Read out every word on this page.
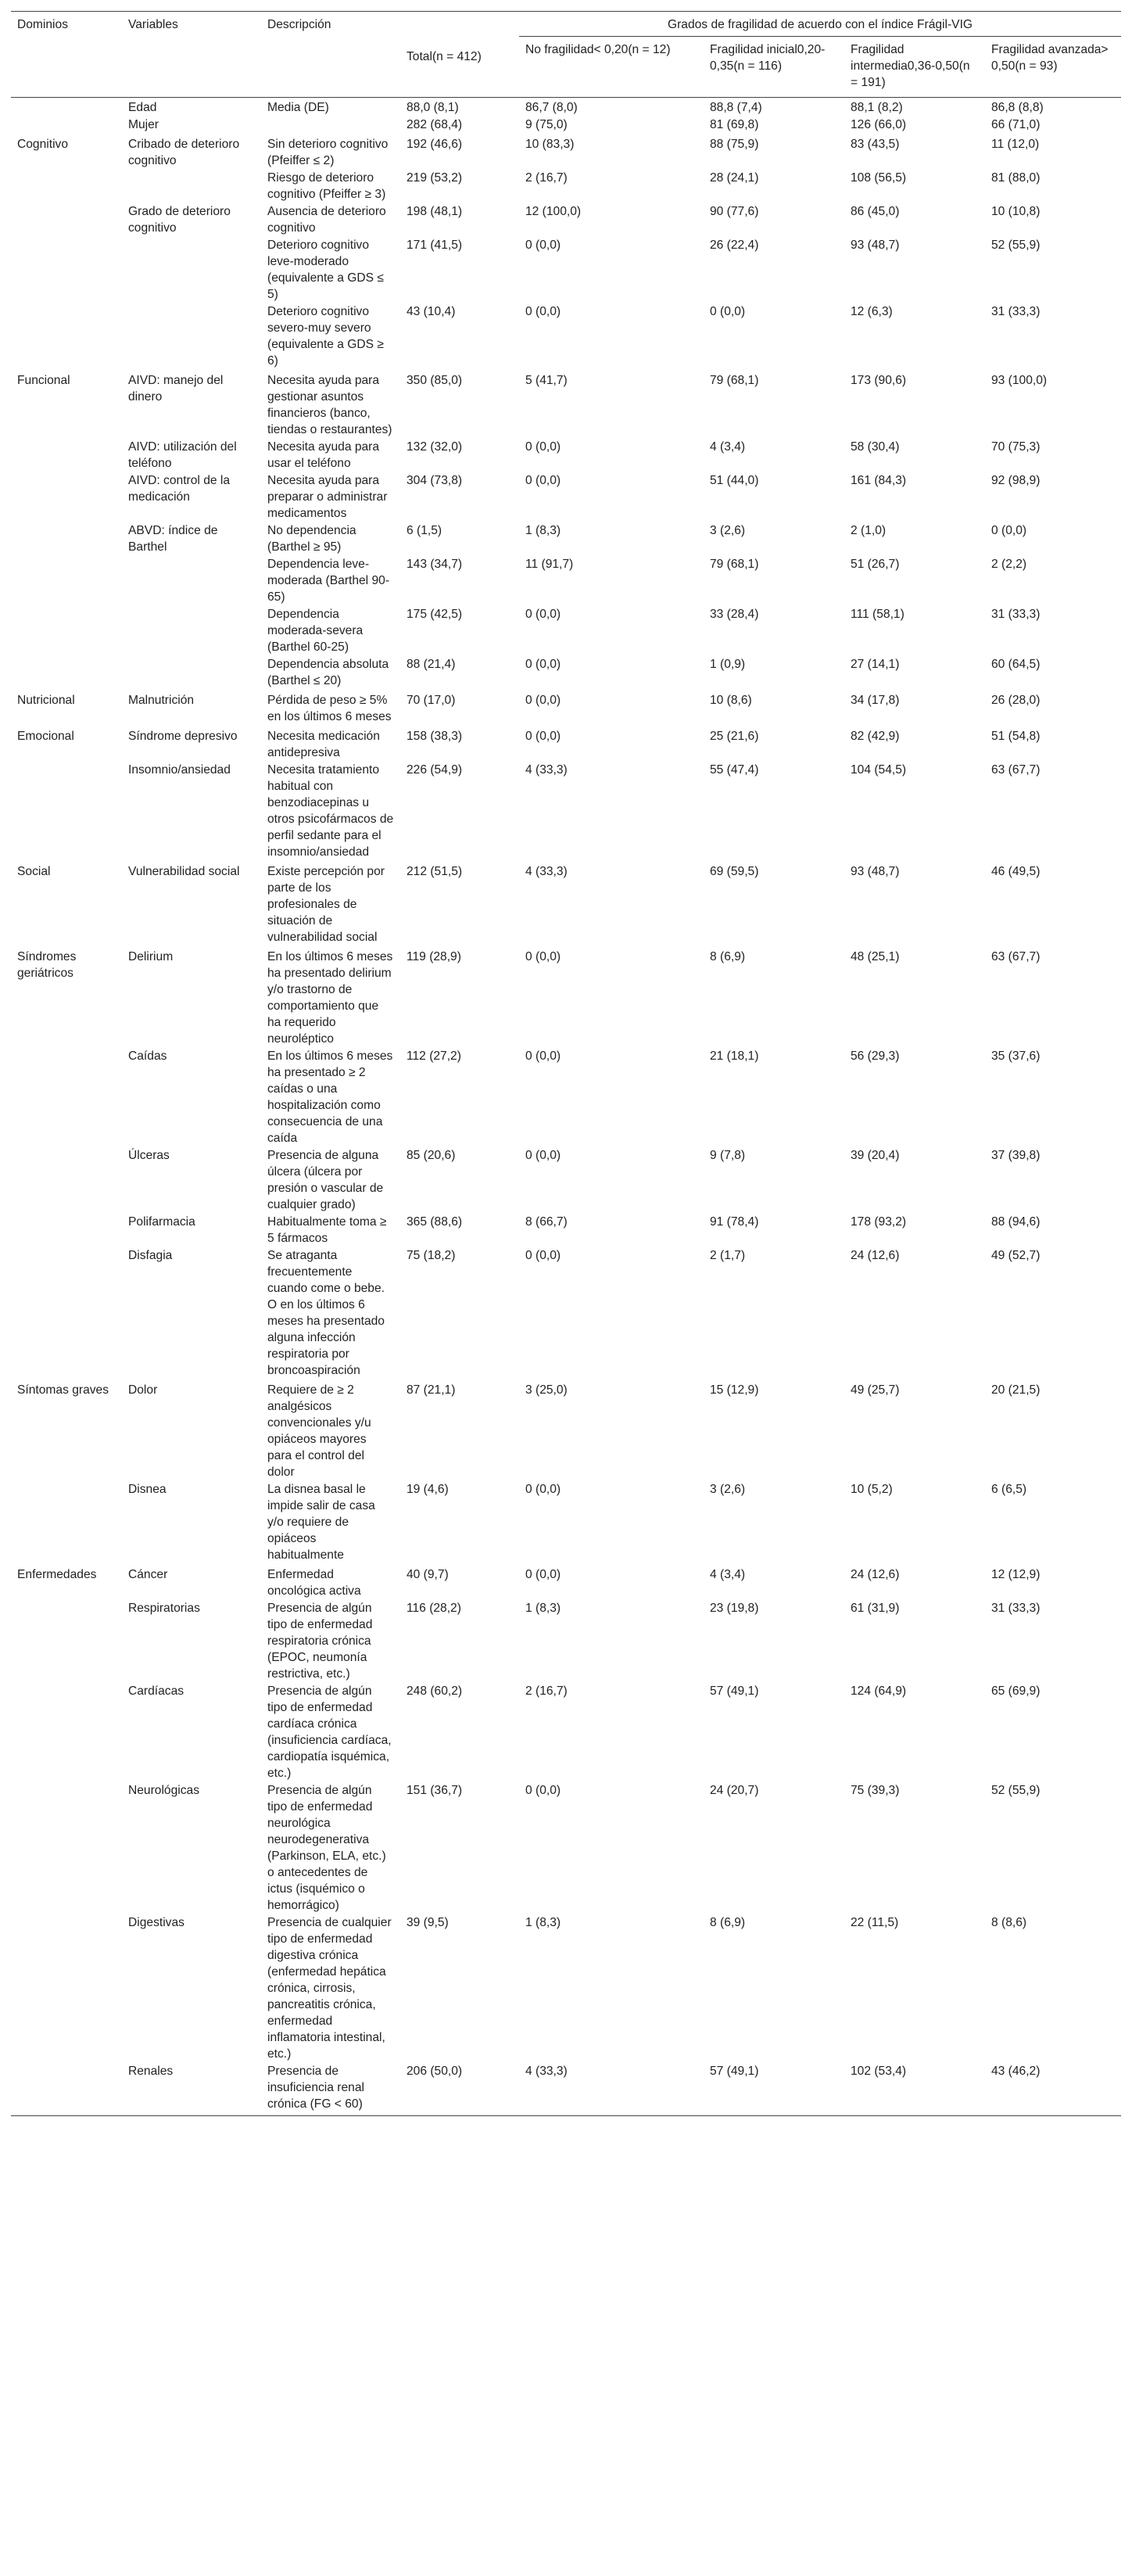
Dominios	Variables	Descripción	Total(n = 412)	Grados de fragilidad de acuerdo con el índice Frágil-VIG			
				No fragilidad< 0,20(n = 12)	Fragilidad inicial0,20-0,35(n = 116)	Fragilidad intermedia0,36-0,50(n = 191)	Fragilidad avanzada> 0,50(n = 93)
	Edad	Media (DE)	88,0 (8,1)	86,7 (8,0)	88,8 (7,4)	88,1 (8,2)	86,8 (8,8)
	Mujer		282 (68,4)	9 (75,0)	81 (69,8)	126 (66,0)	66 (71,0)
Cognitivo	Cribado de deterioro cognitivo	Sin deterioro cognitivo (Pfeiffer ≤ 2)	192 (46,6)	10 (83,3)	88 (75,9)	83 (43,5)	11 (12,0)
		Riesgo de deterioro cognitivo (Pfeiffer ≥ 3)	219 (53,2)	2 (16,7)	28 (24,1)	108 (56,5)	81 (88,0)
	Grado de deterioro cognitivo	Ausencia de deterioro cognitivo	198 (48,1)	12 (100,0)	90 (77,6)	86 (45,0)	10 (10,8)
		Deterioro cognitivo leve-moderado (equivalente a GDS ≤ 5)	171 (41,5)	0 (0,0)	26 (22,4)	93 (48,7)	52 (55,9)
		Deterioro cognitivo severo-muy severo (equivalente a GDS ≥ 6)	43 (10,4)	0 (0,0)	0 (0,0)	12 (6,3)	31 (33,3)
Funcional	AIVD: manejo del dinero	Necesita ayuda para gestionar asuntos financieros (banco, tiendas o restaurantes)	350 (85,0)	5 (41,7)	79 (68,1)	173 (90,6)	93 (100,0)
	AIVD: utilización del teléfono	Necesita ayuda para usar el teléfono	132 (32,0)	0 (0,0)	4 (3,4)	58 (30,4)	70 (75,3)
	AIVD: control de la medicación	Necesita ayuda para preparar o administrar medicamentos	304 (73,8)	0 (0,0)	51 (44,0)	161 (84,3)	92 (98,9)
	ABVD: índice de Barthel	No dependencia (Barthel ≥ 95)	6 (1,5)	1 (8,3)	3 (2,6)	2 (1,0)	0 (0,0)
		Dependencia leve-moderada (Barthel 90-65)	143 (34,7)	11 (91,7)	79 (68,1)	51 (26,7)	2 (2,2)
		Dependencia moderada-severa (Barthel 60-25)	175 (42,5)	0 (0,0)	33 (28,4)	111 (58,1)	31 (33,3)
		Dependencia absoluta (Barthel ≤ 20)	88 (21,4)	0 (0,0)	1 (0,9)	27 (14,1)	60 (64,5)
Nutricional	Malnutrición	Pérdida de peso ≥ 5% en los últimos 6 meses	70 (17,0)	0 (0,0)	10 (8,6)	34 (17,8)	26 (28,0)
Emocional	Síndrome depresivo	Necesita medicación antidepresiva	158 (38,3)	0 (0,0)	25 (21,6)	82 (42,9)	51 (54,8)
	Insomnio/ansiedad	Necesita tratamiento habitual con benzodiacepinas u otros psicofármacos de perfil sedante para el insomnio/ansiedad	226 (54,9)	4 (33,3)	55 (47,4)	104 (54,5)	63 (67,7)
Social	Vulnerabilidad social	Existe percepción por parte de los profesionales de situación de vulnerabilidad social	212 (51,5)	4 (33,3)	69 (59,5)	93 (48,7)	46 (49,5)
Síndromes geriátricos	Delirium	En los últimos 6 meses ha presentado delirium y/o trastorno de comportamiento que ha requerido neuroléptico	119 (28,9)	0 (0,0)	8 (6,9)	48 (25,1)	63 (67,7)
	Caídas	En los últimos 6 meses ha presentado ≥ 2 caídas o una hospitalización como consecuencia de una caída	112 (27,2)	0 (0,0)	21 (18,1)	56 (29,3)	35 (37,6)
	Úlceras	Presencia de alguna úlcera (úlcera por presión o vascular de cualquier grado)	85 (20,6)	0 (0,0)	9 (7,8)	39 (20,4)	37 (39,8)
	Polifarmacia	Habitualmente toma ≥ 5 fármacos	365 (88,6)	8 (66,7)	91 (78,4)	178 (93,2)	88 (94,6)
	Disfagia	Se atraganta frecuentemente cuando come o bebe. O en los últimos 6 meses ha presentado alguna infección respiratoria por broncoaspiración	75 (18,2)	0 (0,0)	2 (1,7)	24 (12,6)	49 (52,7)
Síntomas graves	Dolor	Requiere de ≥ 2 analgésicos convencionales y/u opiáceos mayores para el control del dolor	87 (21,1)	3 (25,0)	15 (12,9)	49 (25,7)	20 (21,5)
	Disnea	La disnea basal le impide salir de casa y/o requiere de opiáceos habitualmente	19 (4,6)	0 (0,0)	3 (2,6)	10 (5,2)	6 (6,5)
Enfermedades	Cáncer	Enfermedad oncológica activa	40 (9,7)	0 (0,0)	4 (3,4)	24 (12,6)	12 (12,9)
	Respiratorias	Presencia de algún tipo de enfermedad respiratoria crónica (EPOC, neumonía restrictiva, etc.)	116 (28,2)	1 (8,3)	23 (19,8)	61 (31,9)	31 (33,3)
	Cardíacas	Presencia de algún tipo de enfermedad cardíaca crónica (insuficiencia cardíaca, cardiopatía isquémica, etc.)	248 (60,2)	2 (16,7)	57 (49,1)	124 (64,9)	65 (69,9)
	Neurológicas	Presencia de algún tipo de enfermedad neurológica neurodegenerativa (Parkinson, ELA, etc.) o antecedentes de ictus (isquémico o hemorrágico)	151 (36,7)	0 (0,0)	24 (20,7)	75 (39,3)	52 (55,9)
	Digestivas	Presencia de cualquier tipo de enfermedad digestiva crónica (enfermedad hepática crónica, cirrosis, pancreatitis crónica, enfermedad inflamatoria intestinal, etc.)	39 (9,5)	1 (8,3)	8 (6,9)	22 (11,5)	8 (8,6)
	Renales	Presencia de insuficiencia renal crónica (FG < 60)	206 (50,0)	4 (33,3)	57 (49,1)	102 (53,4)	43 (46,2)
